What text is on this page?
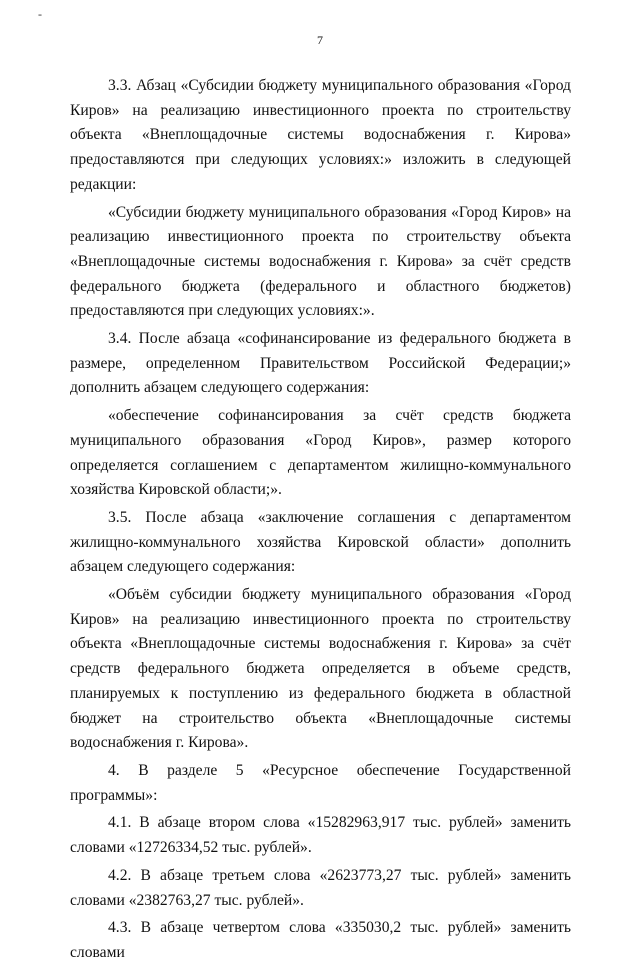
-
7

3.3. Абзац «Субсидии бюджету муниципального образования «Город Киров» на реализацию инвестиционного проекта по строительству объекта «Внеплощадочные системы водоснабжения г. Кирова» предоставляются при следующих условиях:» изложить в следующей редакции:

«Субсидии бюджету муниципального образования «Город Киров» на реализацию инвестиционного проекта по строительству объекта «Внеплощадочные системы водоснабжения г. Кирова» за счёт средств федерального бюджета (федерального и областного бюджетов) предоставляются при следующих условиях:».

3.4. После абзаца «софинансирование из федерального бюджета в размере, определенном Правительством Российской Федерации;» дополнить абзацем следующего содержания:

«обеспечение софинансирования за счёт средств бюджета муниципального образования «Город Киров», размер которого определяется соглашением с департаментом жилищно-коммунального хозяйства Кировской области;».

3.5. После абзаца «заключение соглашения с департаментом жилищно-коммунального хозяйства Кировской области» дополнить абзацем следующего содержания:

«Объём субсидии бюджету муниципального образования «Город Киров» на реализацию инвестиционного проекта по строительству объекта «Внеплощадочные системы водоснабжения г. Кирова» за счёт средств федерального бюджета определяется в объеме средств, планируемых к поступлению из федерального бюджета в областной бюджет на строительство объекта «Внеплощадочные системы водоснабжения г. Кирова».

4. В разделе 5 «Ресурсное обеспечение Государственной программы»:

4.1. В абзаце втором слова «15282963,917 тыс. рублей» заменить словами «12726334,52 тыс. рублей».

4.2. В абзаце третьем слова «2623773,27 тыс. рублей» заменить словами «2382763,27 тыс. рублей».

4.3. В абзаце четвертом слова «335030,2 тыс. рублей» заменить словами
